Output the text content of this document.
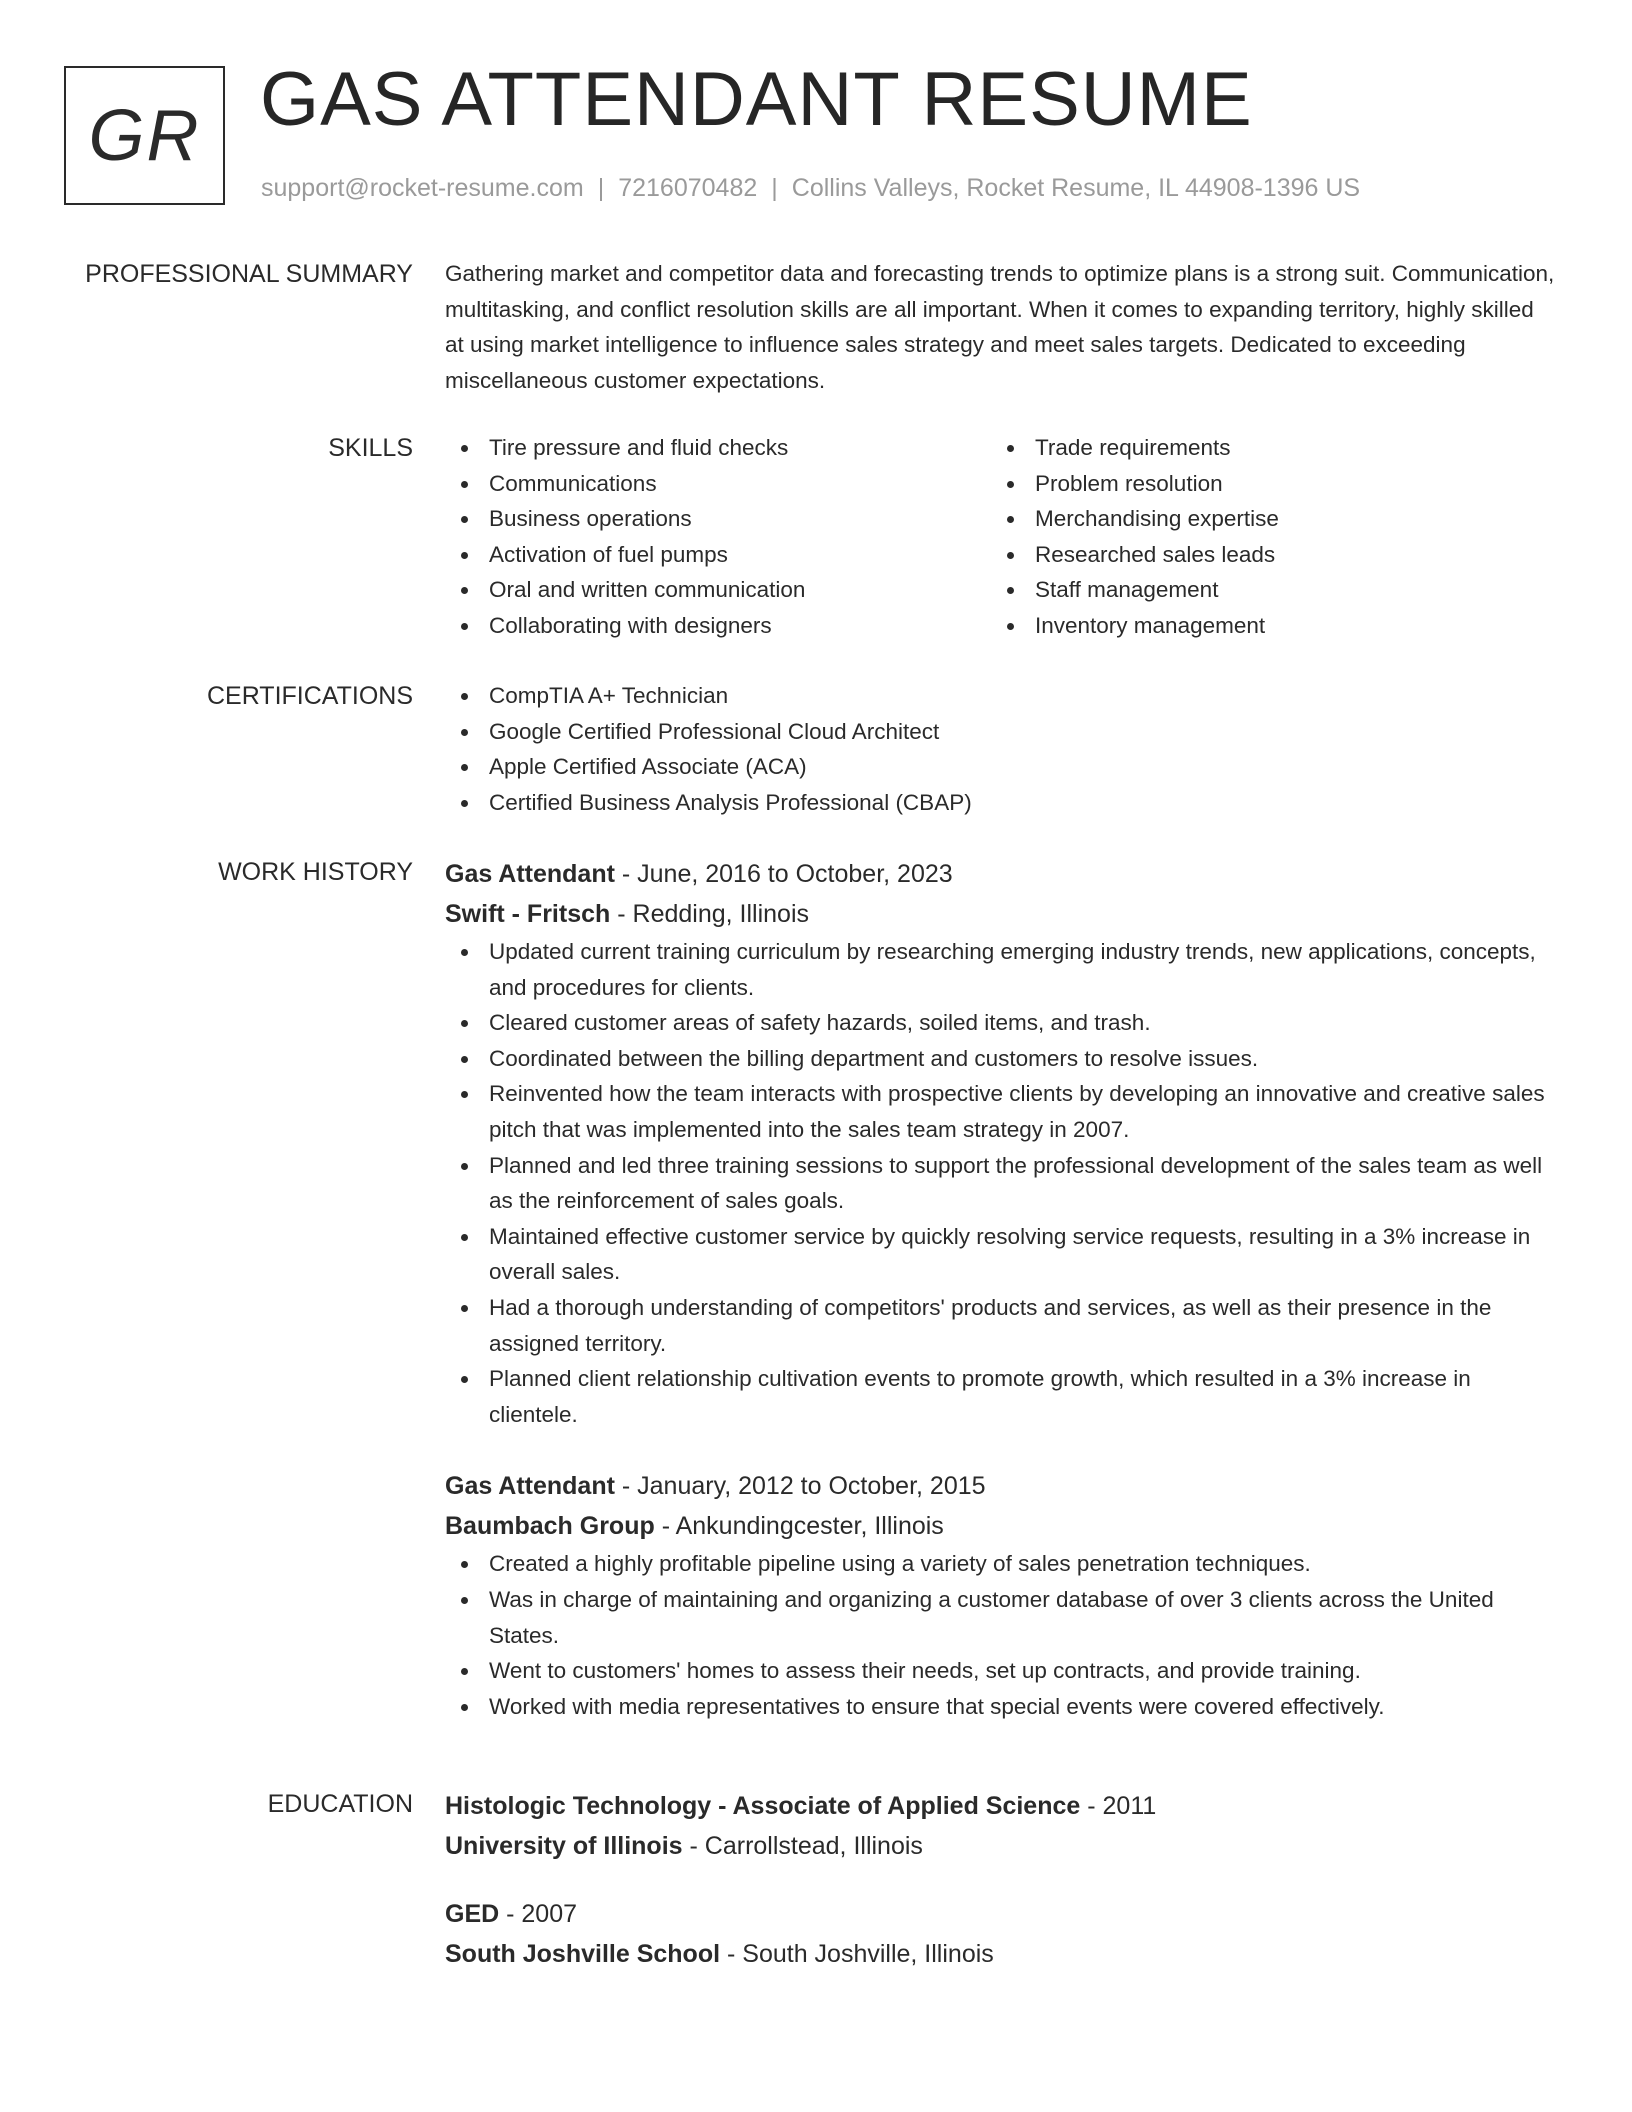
GR GAS ATTENDANT RESUME
support@rocket-resume.com | 7216070482 | Collins Valleys, Rocket Resume, IL 44908-1396 US
PROFESSIONAL SUMMARY Gathering market and competitor data and forecasting trends to optimize plans is a strong suit. Communication, multitasking, and conflict resolution skills are all important. When it comes to expanding territory, highly skilled at using market intelligence to influence sales strategy and meet sales targets. Dedicated to exceeding miscellaneous customer expectations.

SKILLS	Tire pressure and fluid checks
Communications
Business operations
Activation of fuel pumps
Oral and written communication
Collaborating with designers
Trade requirements
Problem resolution
Merchandising expertise
Researched sales leads
Staff management
Inventory management
CERTIFICATIONS	CompTIA A+ Technician
Google Certified Professional Cloud Architect
Apple Certified Associate (ACA)
Certified Business Analysis Professional (CBAP)
WORK HISTORY Gas Attendant - June, 2016 to October, 2023
Swift - Fritsch - Redding, Illinois
Updated current training curriculum by researching emerging industry trends, new applications, concepts, and procedures for clients.
Cleared customer areas of safety hazards, soiled items, and trash.
Coordinated between the billing department and customers to resolve issues.
Reinvented how the team interacts with prospective clients by developing an innovative and creative sales pitch that was implemented into the sales team strategy in 2007.
Planned and led three training sessions to support the professional development of the sales team as well as the reinforcement of sales goals.
Maintained effective customer service by quickly resolving service requests, resulting in a 3% increase in overall sales.
Had a thorough understanding of competitors' products and services, as well as their presence in the assigned territory.
Planned client relationship cultivation events to promote growth, which resulted in a 3% increase in clientele.
Gas Attendant - January, 2012 to October, 2015
Baumbach Group - Ankundingcester, Illinois
Created a highly profitable pipeline using a variety of sales penetration techniques.
Was in charge of maintaining and organizing a customer database of over 3 clients across the United States.
Went to customers' homes to assess their needs, set up contracts, and provide training.
Worked with media representatives to ensure that special events were covered effectively.
EDUCATION Histologic Technology - Associate of Applied Science - 2011
University of Illinois - Carrollstead, Illinois
GED - 2007
South Joshville School - South Joshville, Illinois
